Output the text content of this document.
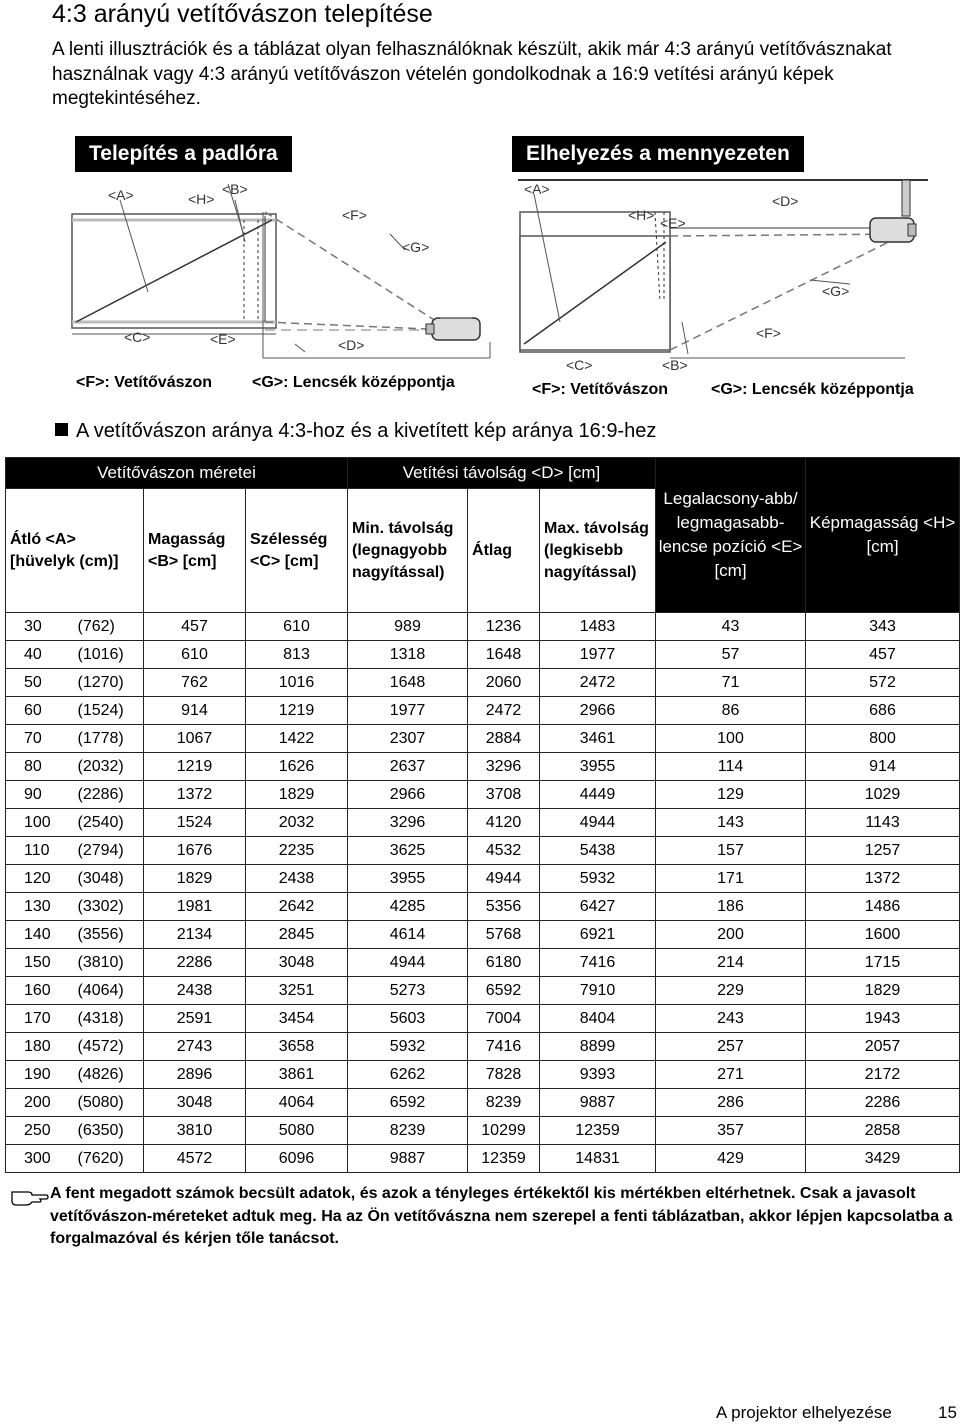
4:3 arányú vetítővászon telepítése

A lenti illusztrációk és a táblázat olyan felhasználóknak készült, akik már 4:3 arányú vetítővásznakat használnak vagy 4:3 arányú vetítővászon vételén gondolkodnak a 16:9 vetítési arányú képek megtekintéséhez.

Telepítés a padlóra
<A>	<H>
<B>
<F>
<G>
<C>	<E>	<D>
<F>: Vetítővászon <G>: Lencsék középpontja
Elhelyezés a mennyezeten
<A>
<H> <E>
<D>
<G>
<F>
<C>	<B>
<F>: Vetítővászon	<G>: Lencsék középpontja
A vetítővászon aránya 4:3-hoz és a kivetített kép aránya 16:9-hez
Vetítővászon méretei				Vetítési távolság <D> [cm]			Legalacsony-abb/ legmagasabb-lencse pozíció <E> [cm]	Képmagasság <H> [cm]
Átló <A> [hüvelyk (cm)]		Magasság <B> [cm]	Szélesség <C> [cm]	Min. távolság (legnagyobb nagyítással)	Átlag	Max. távolság (legkisebb nagyítással)		
30	(762)	457	610	989	1236	1483	43	343
40	(1016)	610	813	1318	1648	1977	57	457
50	(1270)	762	1016	1648	2060	2472	71	572
60	(1524)	914	1219	1977	2472	2966	86	686
70	(1778)	1067	1422	2307	2884	3461	100	800
80	(2032)	1219	1626	2637	3296	3955	114	914
90	(2286)	1372	1829	2966	3708	4449	129	1029
100	(2540)	1524	2032	3296	4120	4944	143	1143
110	(2794)	1676	2235	3625	4532	5438	157	1257
120	(3048)	1829	2438	3955	4944	5932	171	1372
130	(3302)	1981	2642	4285	5356	6427	186	1486
140	(3556)	2134	2845	4614	5768	6921	200	1600
150	(3810)	2286	3048	4944	6180	7416	214	1715
160	(4064)	2438	3251	5273	6592	7910	229	1829
170	(4318)	2591	3454	5603	7004	8404	243	1943
180	(4572)	2743	3658	5932	7416	8899	257	2057
190	(4826)	2896	3861	6262	7828	9393	271	2172
200	(5080)	3048	4064	6592	8239	9887	286	2286
250	(6350)	3810	5080	8239	10299	12359	357	2858
300	(7620)	4572	6096	9887	12359	14831	429	3429
A fent megadott számok becsült adatok, és azok a tényleges értékektől kis mértékben eltérhetnek. Csak a javasolt vetítővászon-méreteket adtuk meg. Ha az Ön vetítővászna nem szerepel a fenti táblázatban, akkor lépjen kapcsolatba a forgalmazóval és kérjen tőle tanácsot.
A projektor elhelyezése	15
